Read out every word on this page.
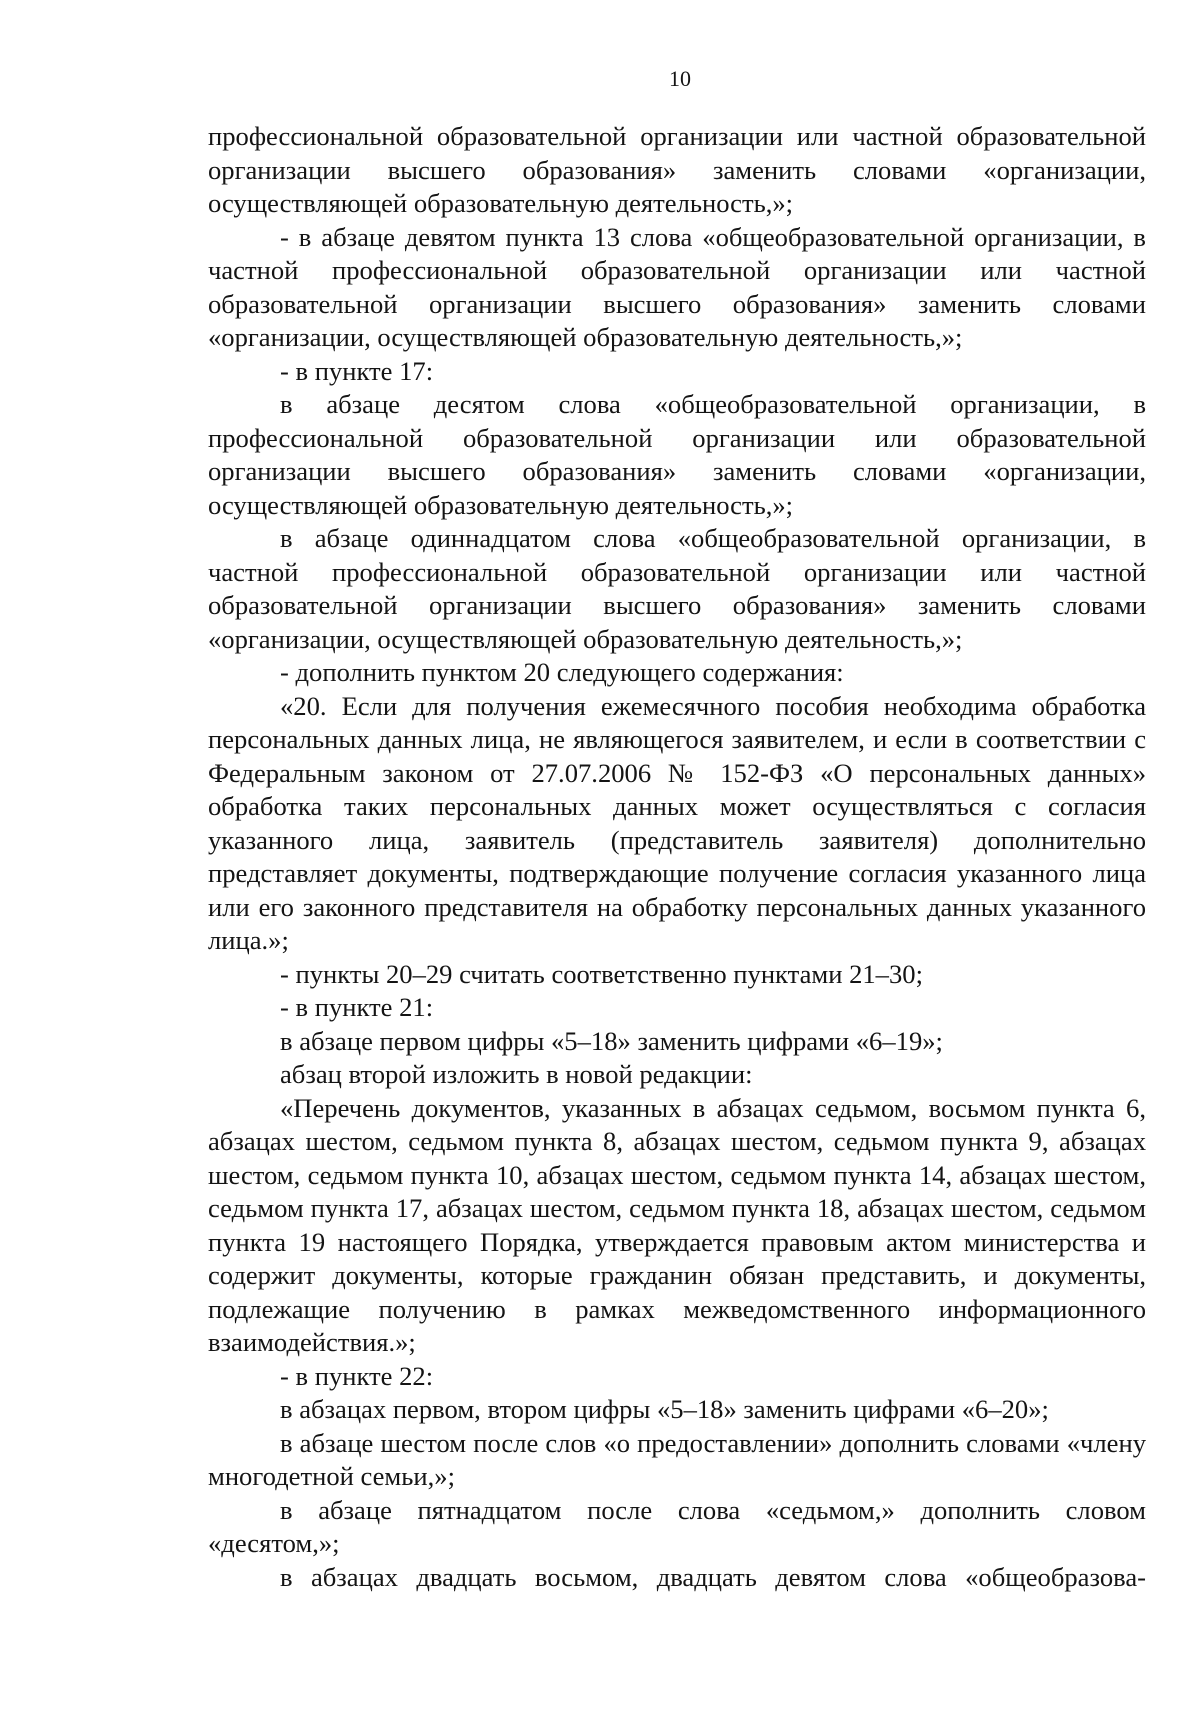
10

профессиональной образовательной организации или частной образовательной организации высшего образования» заменить словами «организации, осуществляющей образовательную деятельность,»;

- в абзаце девятом пункта 13 слова «общеобразовательной организации, в частной профессиональной образовательной организации или частной образовательной организации высшего образования» заменить словами «организации, осуществляющей образовательную деятельность,»;

- в пункте 17:

в абзаце десятом слова «общеобразовательной организации, в профессиональной образовательной организации или образовательной организации высшего образования» заменить словами «организации, осуществляющей образовательную деятельность,»;

в абзаце одиннадцатом слова «общеобразовательной организации, в частной профессиональной образовательной организации или частной образовательной организации высшего образования» заменить словами «организации, осуществляющей образовательную деятельность,»;

- дополнить пунктом 20 следующего содержания:

«20. Если для получения ежемесячного пособия необходима обработка персональных данных лица, не являющегося заявителем, и если в соответствии с Федеральным законом от 27.07.2006 № 152-ФЗ «О персональных данных» обработка таких персональных данных может осуществляться с согласия указанного лица, заявитель (представитель заявителя) дополнительно представляет документы, подтверждающие получение согласия указанного лица или его законного представителя на обработку персональных данных указанного лица.»;

- пункты 20–29 считать соответственно пунктами 21–30;

- в пункте 21:

в абзаце первом цифры «5–18» заменить цифрами «6–19»;

абзац второй изложить в новой редакции:

«Перечень документов, указанных в абзацах седьмом, восьмом пункта 6, абзацах шестом, седьмом пункта 8, абзацах шестом, седьмом пункта 9, абзацах шестом, седьмом пункта 10, абзацах шестом, седьмом пункта 14, абзацах шестом, седьмом пункта 17, абзацах шестом, седьмом пункта 18, абзацах шестом, седьмом пункта 19 настоящего Порядка, утверждается правовым актом министерства и содержит документы, которые гражданин обязан представить, и документы, подлежащие получению в рамках межведомственного информационного взаимодействия.»;

- в пункте 22:

в абзацах первом, втором цифры «5–18» заменить цифрами «6–20»;

в абзаце шестом после слов «о предоставлении» дополнить словами «члену многодетной семьи,»;

в абзаце пятнадцатом после слова «седьмом,» дополнить словом «десятом,»;

в абзацах двадцать восьмом, двадцать девятом слова «общеобразова-
